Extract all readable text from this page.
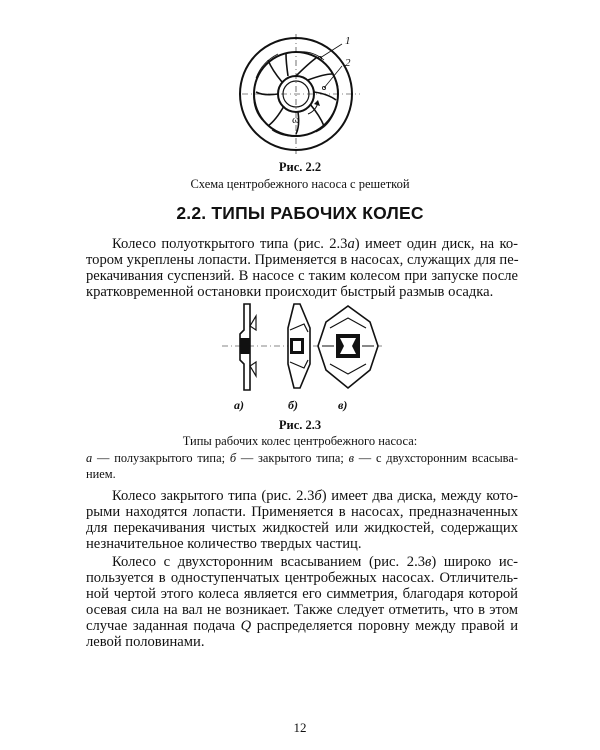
1
2
ω
Рис. 2.2
Схема центробежного насоса с решеткой
2.2. ТИПЫ РАБОЧИХ КОЛЕС
Колесо полуоткрытого типа (рис. 2.3а) имеет один диск, на ко-
тором укреплены лопасти. Применяется в насосах, служащих для пе-
рекачивания суспензий. В насосе с таким колесом при запуске после
кратковременной остановки происходит быстрый размыв осадка.
а)	б)	в)
Рис. 2.3
Типы рабочих колес центробежного насоса:
а — полузакрытого типа; б — закрытого типа; в — с двухсторонним всасыва-
нием.
Колесо закрытого типа (рис. 2.3б) имеет два диска, между кото-
рыми находятся лопасти. Применяется в насосах, предназначенных
для перекачивания чистых жидкостей или жидкостей, содержащих
незначительное количество твердых частиц.
Колесо с двухсторонним всасыванием (рис. 2.3в) широко ис-
пользуется в одноступенчатых центробежных насосах. Отличитель-
ной чертой этого колеса является его симметрия, благодаря которой
осевая сила на вал не возникает. Также следует отметить, что в этом
случае заданная подача Q распределяется поровну между правой и
левой половинами.
12
